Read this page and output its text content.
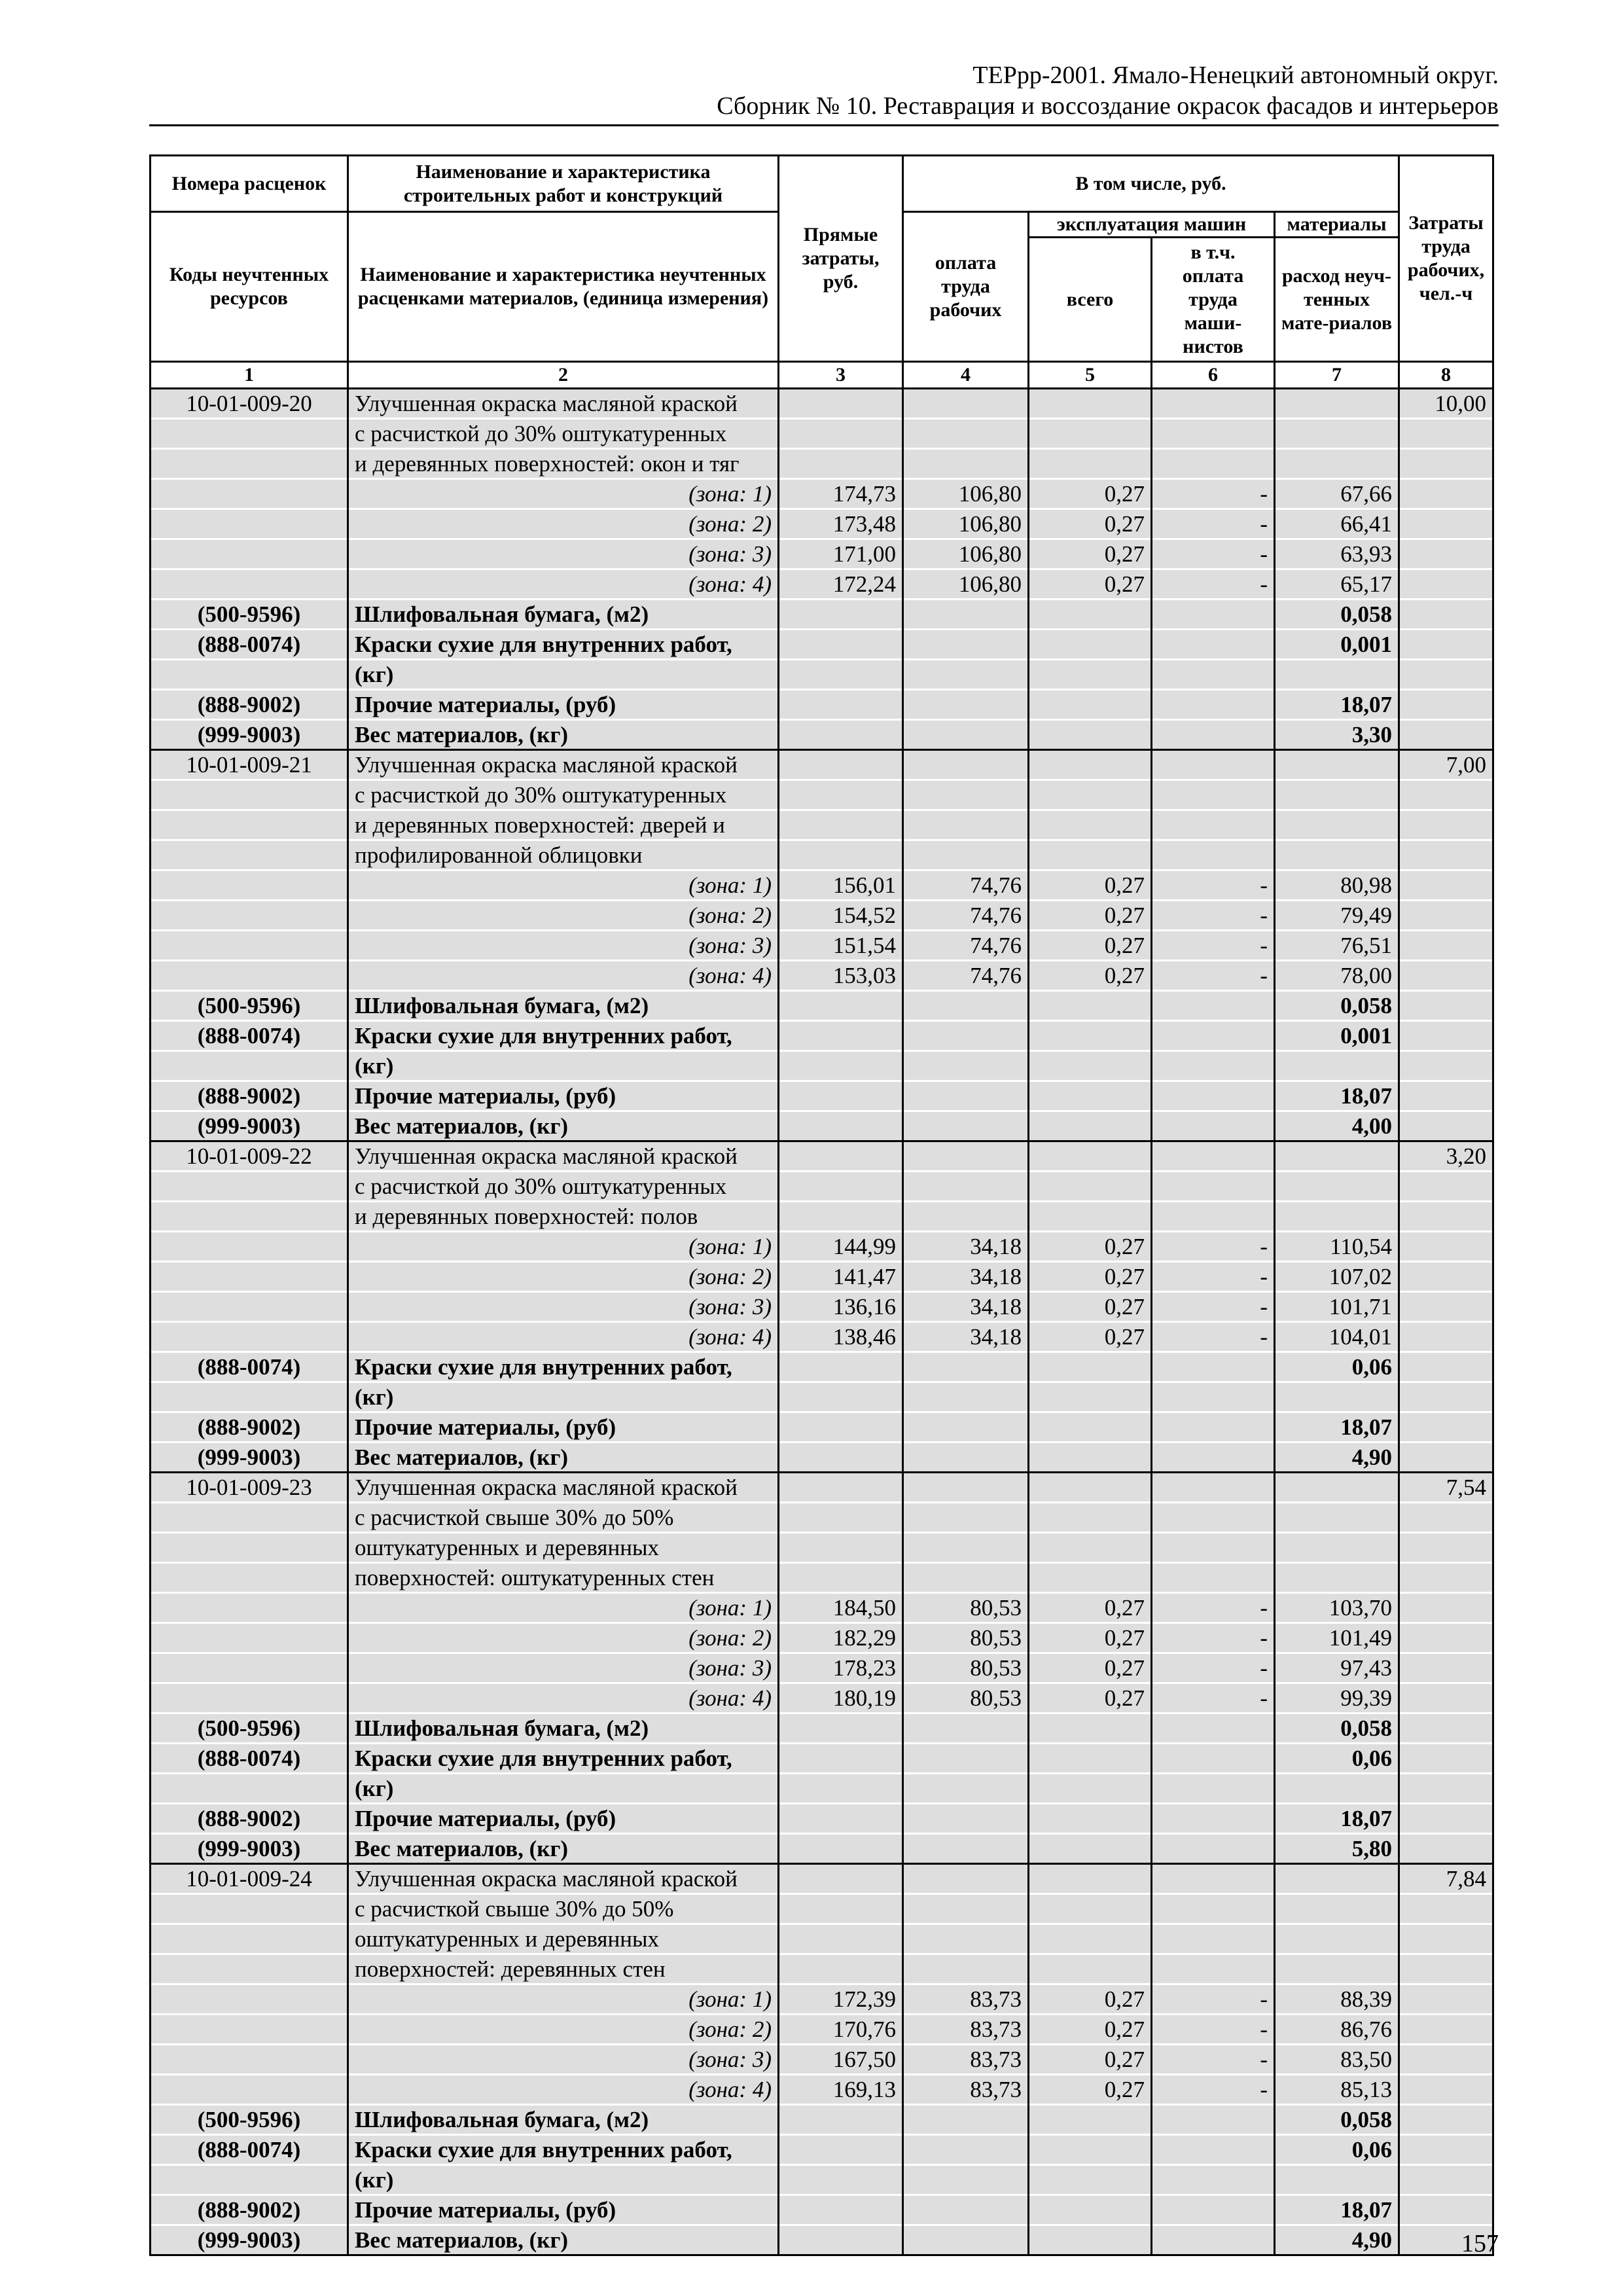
ТЕРрр-2001. Ямало-Ненецкий автономный округ.
Сборник № 10. Реставрация и воссоздание окрасок фасадов и интерьеров
Номера расценок	Наименование и характеристика строительных работ и конструкций	Прямые затраты, руб.	В том числе, руб.				Затраты труда рабочих, чел.-ч
Коды неучтенных ресурсов	Наименование и характеристика неучтенных расценками материалов, (единица измерения)		оплата труда рабочих	эксплуатация машин		материалы	
				всего	в т.ч. оплата труда маши-нистов	расход неуч-тенных мате-риалов	

1	2	3	4	5	6	7	8
10-01-009-20	Улучшенная окраска масляной краской						10,00
	с расчисткой до 30% оштукатуренных						
	и деревянных поверхностей: окон и тяг						
	(зона: 1)	174,73	106,80	0,27	-	67,66	
	(зона: 2)	173,48	106,80	0,27	-	66,41	
	(зона: 3)	171,00	106,80	0,27	-	63,93	
	(зона: 4)	172,24	106,80	0,27	-	65,17	
(500-9596)	Шлифовальная бумага, (м2)					0,058	
(888-0074)	Краски сухие для внутренних работ,					0,001	
	(кг)						
(888-9002)	Прочие материалы, (руб)					18,07	
(999-9003)	Вес материалов, (кг)					3,30	
10-01-009-21	Улучшенная окраска масляной краской						7,00
	с расчисткой до 30% оштукатуренных						
	и деревянных поверхностей: дверей и						
	профилированной облицовки						
	(зона: 1)	156,01	74,76	0,27	-	80,98	
	(зона: 2)	154,52	74,76	0,27	-	79,49	
	(зона: 3)	151,54	74,76	0,27	-	76,51	
	(зона: 4)	153,03	74,76	0,27	-	78,00	
(500-9596)	Шлифовальная бумага, (м2)					0,058	
(888-0074)	Краски сухие для внутренних работ,					0,001	
	(кг)						
(888-9002)	Прочие материалы, (руб)					18,07	
(999-9003)	Вес материалов, (кг)					4,00	
10-01-009-22	Улучшенная окраска масляной краской						3,20
	с расчисткой до 30% оштукатуренных						
	и деревянных поверхностей: полов						
	(зона: 1)	144,99	34,18	0,27	-	110,54	
	(зона: 2)	141,47	34,18	0,27	-	107,02	
	(зона: 3)	136,16	34,18	0,27	-	101,71	
	(зона: 4)	138,46	34,18	0,27	-	104,01	
(888-0074)	Краски сухие для внутренних работ,					0,06	
	(кг)						
(888-9002)	Прочие материалы, (руб)					18,07	
(999-9003)	Вес материалов, (кг)					4,90	
10-01-009-23	Улучшенная окраска масляной краской						7,54
	с расчисткой свыше 30% до 50%						
	оштукатуренных и деревянных						
	поверхностей: оштукатуренных стен						
	(зона: 1)	184,50	80,53	0,27	-	103,70	
	(зона: 2)	182,29	80,53	0,27	-	101,49	
	(зона: 3)	178,23	80,53	0,27	-	97,43	
	(зона: 4)	180,19	80,53	0,27	-	99,39	
(500-9596)	Шлифовальная бумага, (м2)					0,058	
(888-0074)	Краски сухие для внутренних работ,					0,06	
	(кг)						
(888-9002)	Прочие материалы, (руб)					18,07	
(999-9003)	Вес материалов, (кг)					5,80	
10-01-009-24	Улучшенная окраска масляной краской						7,84
	с расчисткой свыше 30% до 50%						
	оштукатуренных и деревянных						
	поверхностей: деревянных стен						
	(зона: 1)	172,39	83,73	0,27	-	88,39	
	(зона: 2)	170,76	83,73	0,27	-	86,76	
	(зона: 3)	167,50	83,73	0,27	-	83,50	
	(зона: 4)	169,13	83,73	0,27	-	85,13	
(500-9596)	Шлифовальная бумага, (м2)					0,058	
(888-0074)	Краски сухие для внутренних работ,					0,06	
	(кг)						
(888-9002)	Прочие материалы, (руб)					18,07	
(999-9003)	Вес материалов, (кг)					4,90		157
